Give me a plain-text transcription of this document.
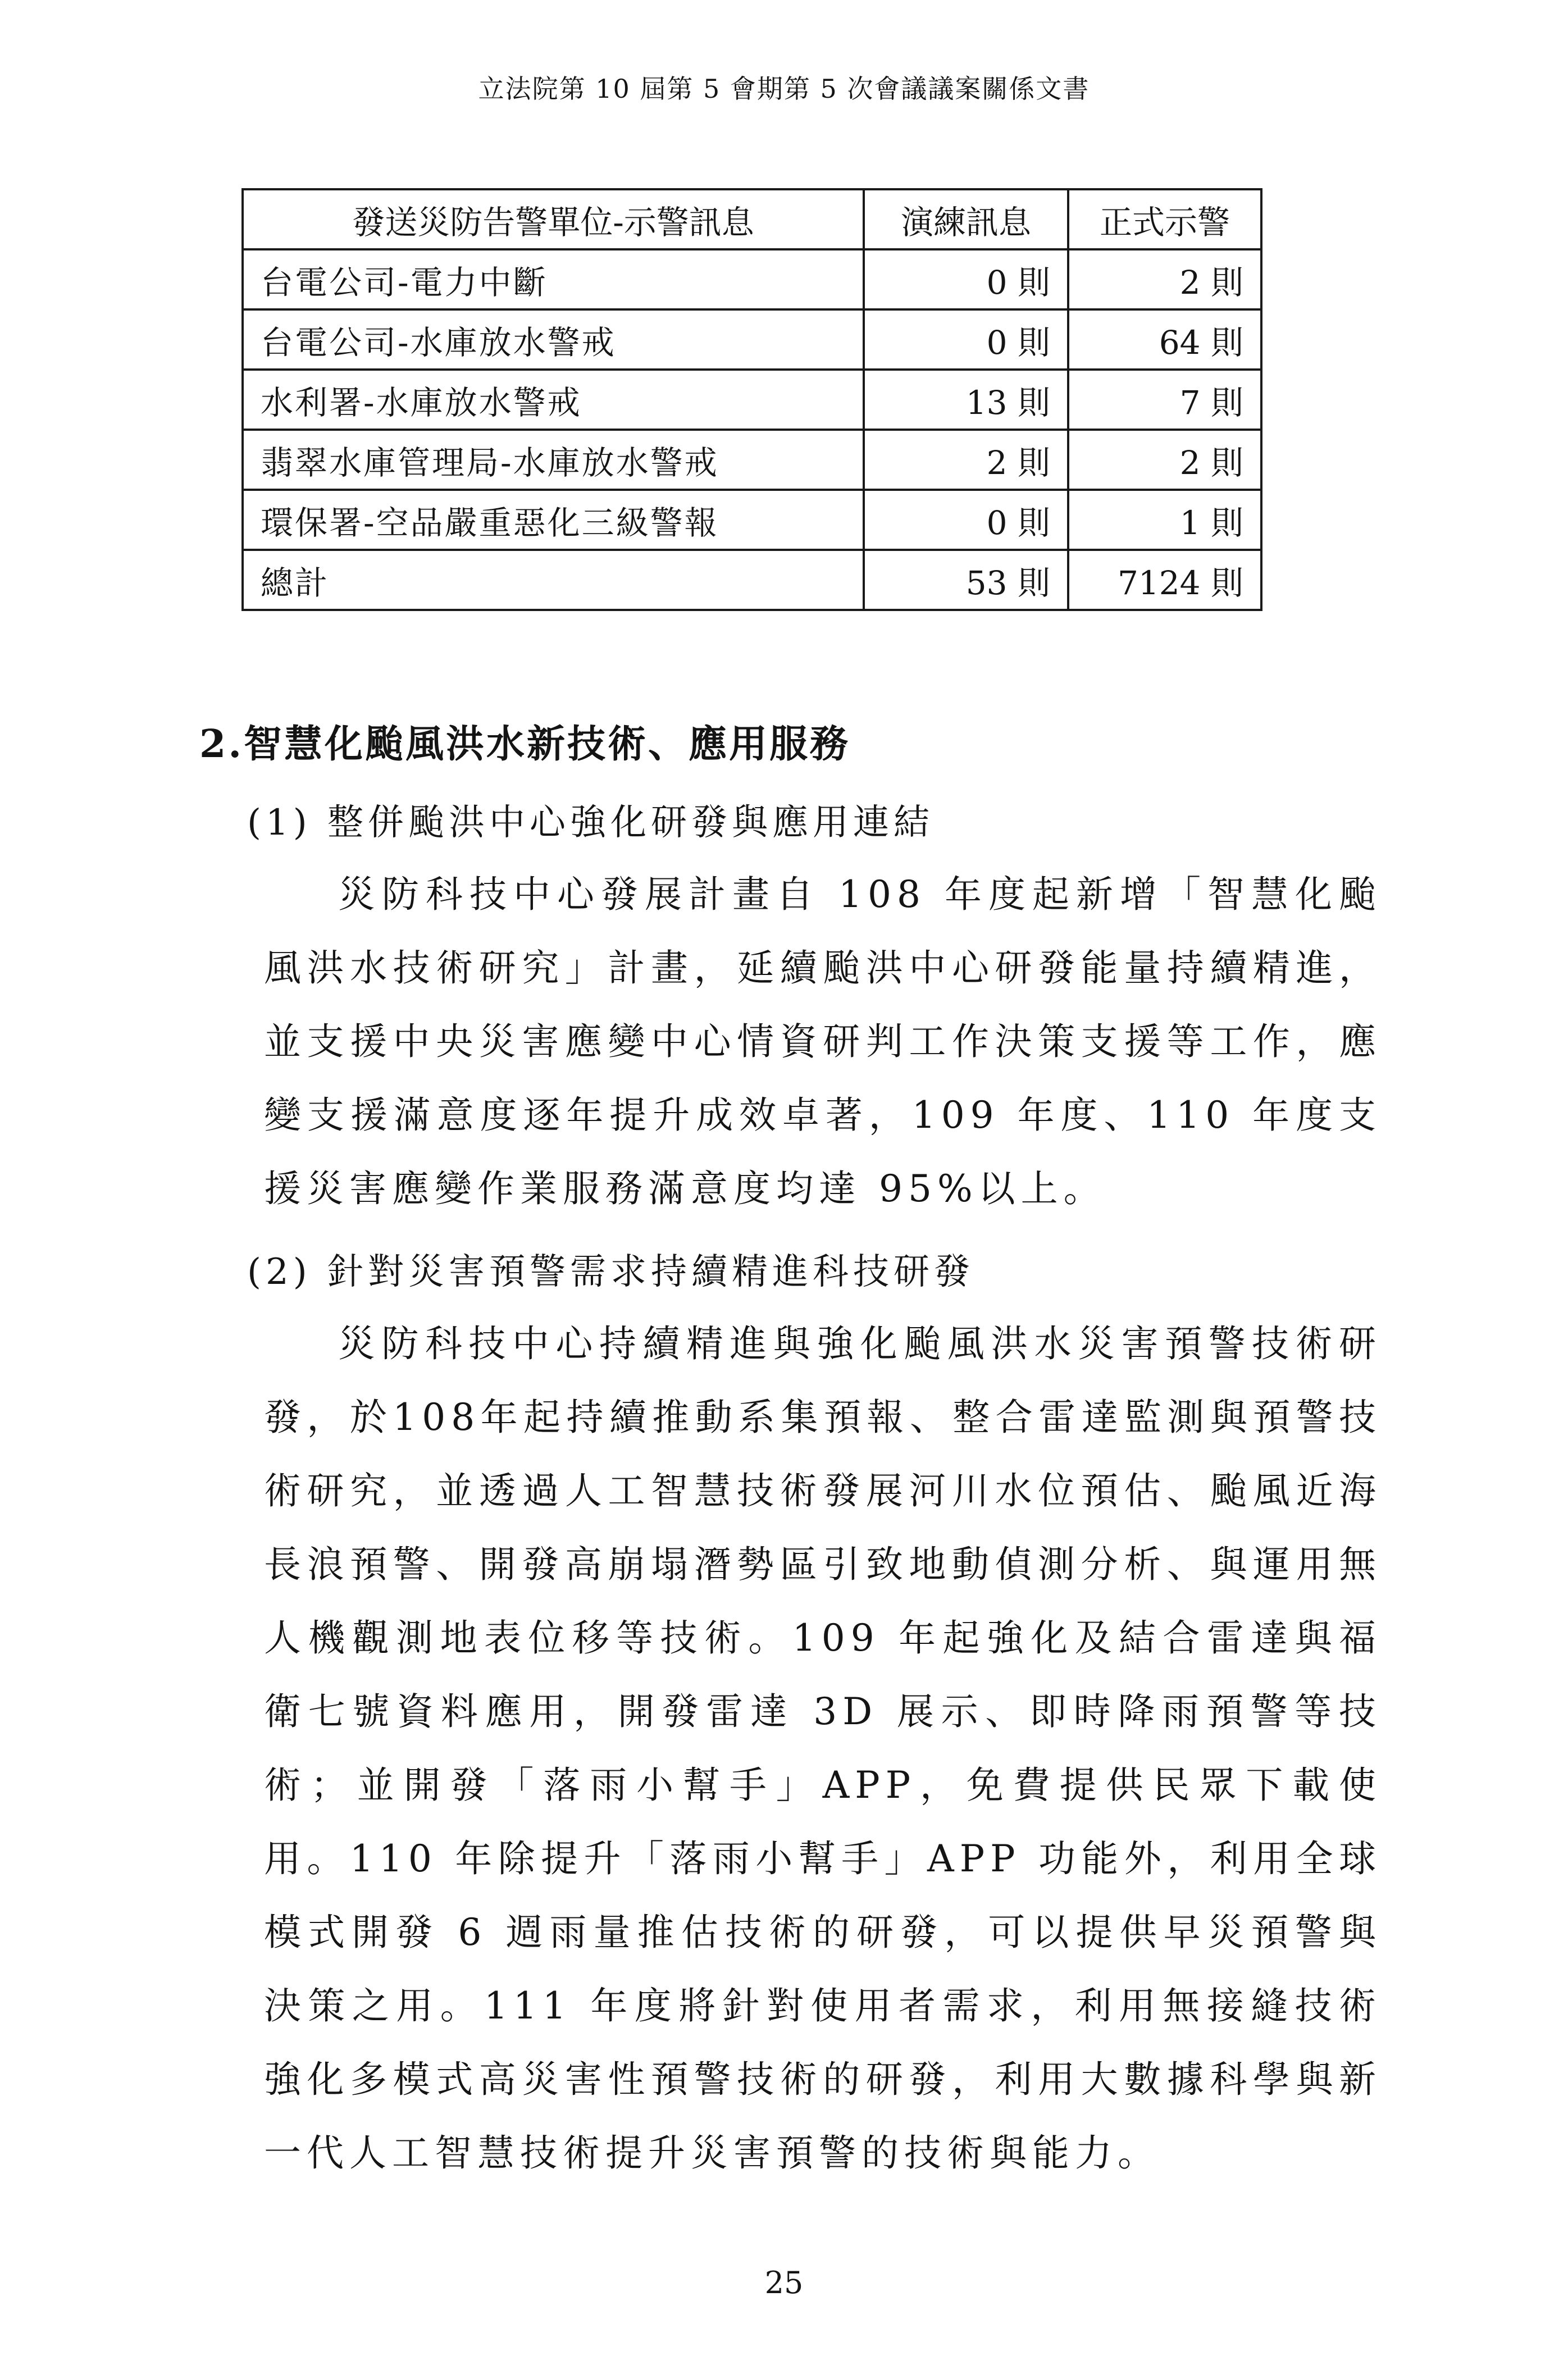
立法院第 10 屆第 5 會期第 5 次會議議案關係文書
發送災防告警單位-示警訊息	演練訊息	正式示警
台電公司-電力中斷	0 則	2 則
台電公司-水庫放水警戒	0 則	64 則
水利署-水庫放水警戒	13 則	7 則
翡翠水庫管理局-水庫放水警戒	2 則	2 則
環保署-空品嚴重惡化三級警報	0 則	1 則
總計	53 則	7124 則
2.智慧化颱風洪水新技術、應用服務
(1) 整併颱洪中心強化研發與應用連結

災防科技中心發展計畫自 108 年度起新增「智慧化颱風洪水技術研究」計畫，延續颱洪中心研發能量持續精進，並支援中央災害應變中心情資研判工作決策支援等工作，應變支援滿意度逐年提升成效卓著，109 年度、110 年度支援災害應變作業服務滿意度均達 95%以上。

(2) 針對災害預警需求持續精進科技研發

災防科技中心持續精進與強化颱風洪水災害預警技術研發，於108年起持續推動系集預報、整合雷達監測與預警技術研究，並透過人工智慧技術發展河川水位預估、颱風近海長浪預警、開發高崩塌潛勢區引致地動偵測分析、與運用無人機觀測地表位移等技術。109 年起強化及結合雷達與福衛七號資料應用，開發雷達 3D 展示、即時降雨預警等技術；並開發「落雨小幫手」APP，免費提供民眾下載使用。110 年除提升「落雨小幫手」APP 功能外，利用全球模式開發 6 週雨量推估技術的研發，可以提供早災預警與決策之用。111 年度將針對使用者需求，利用無接縫技術強化多模式高災害性預警技術的研發，利用大數據科學與新一代人工智慧技術提升災害預警的技術與能力。

25
